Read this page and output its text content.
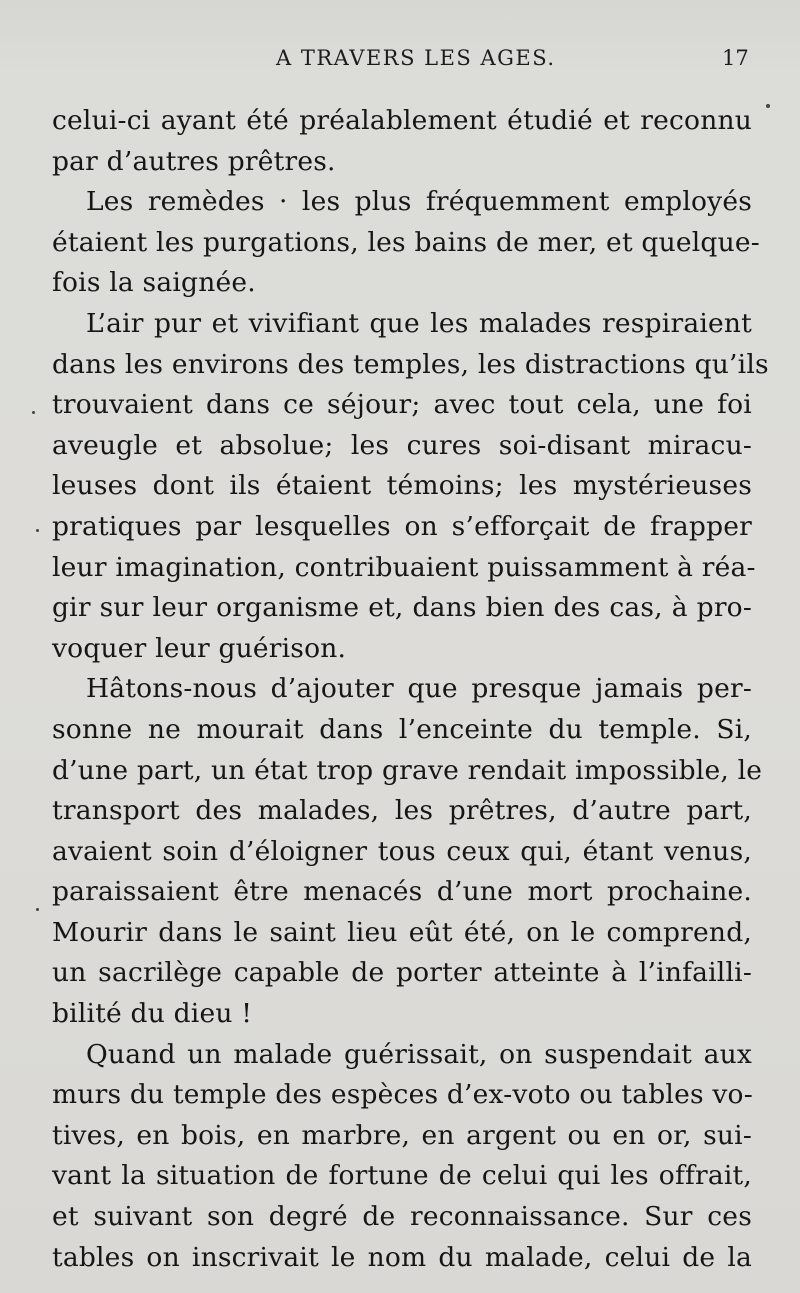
A TRAVERS LES AGES.	17
celui-ci ayant été préalablement étudié et reconnu
par d’autres prêtres.
Les remèdes · les plus fréquemment employés
étaient les purgations, les bains de mer, et quelque-
fois la saignée.
L’air pur et vivifiant que les malades respiraient
dans les environs des temples, les distractions qu’ils
trouvaient dans ce séjour; avec tout cela, une foi
aveugle et absolue; les cures soi-disant miracu-
leuses dont ils étaient témoins; les mystérieuses
pratiques par lesquelles on s’efforçait de frapper
leur imagination, contribuaient puissamment à réa-
gir sur leur organisme et, dans bien des cas, à pro-
voquer leur guérison.
Hâtons-nous d’ajouter que presque jamais per-
sonne ne mourait dans l’enceinte du temple. Si,
d’une part, un état trop grave rendait impossible, le
transport des malades, les prêtres, d’autre part,
avaient soin d’éloigner tous ceux qui, étant venus,
paraissaient être menacés d’une mort prochaine.
Mourir dans le saint lieu eût été, on le comprend,
un sacrilège capable de porter atteinte à l’infailli-
bilité du dieu !
Quand un malade guérissait, on suspendait aux
murs du temple des espèces d’ex-voto ou tables vo-
tives, en bois, en marbre, en argent ou en or, sui-
vant la situation de fortune de celui qui les offrait,
et suivant son degré de reconnaissance. Sur ces
tables on inscrivait le nom du malade, celui de la
